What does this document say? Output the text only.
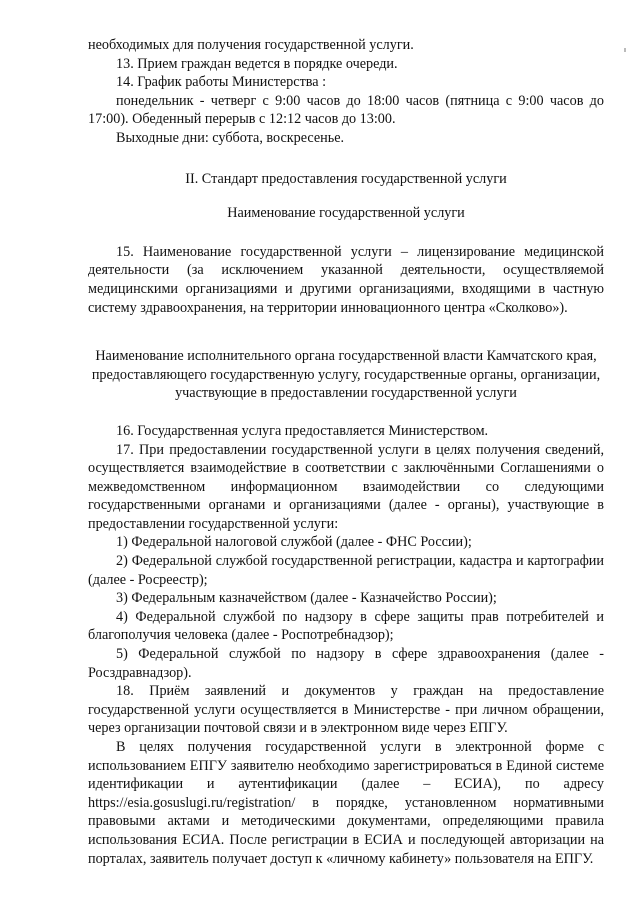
необходимых для получения государственной услуги.

13. Прием граждан ведется в порядке очереди.

14. График работы Министерства :

понедельник - четверг с 9:00 часов до 18:00 часов (пятница с 9:00 часов до 17:00). Обеденный перерыв с 12:12 часов до 13:00.

Выходные дни: суббота, воскресенье.

II. Стандарт предоставления государственной услуги

Наименование государственной услуги

15. Наименование государственной услуги – лицензирование медицинской деятельности (за исключением указанной деятельности, осуществляемой медицинскими организациями и другими организациями, входящими в частную систему здравоохранения, на территории инновационного центра «Сколково»).

Наименование исполнительного органа государственной власти Камчатского края, предоставляющего государственную услугу, государственные органы, организации, участвующие в предоставлении государственной услуги

16. Государственная услуга предоставляется Министерством.

17. При предоставлении государственной услуги в целях получения сведений, осуществляется взаимодействие в соответствии с заключёнными Соглашениями о межведомственном информационном взаимодействии со следующими государственными органами и организациями (далее - органы), участвующие в предоставлении государственной услуги:

1) Федеральной налоговой службой (далее - ФНС России);

2) Федеральной службой государственной регистрации, кадастра и картографии (далее - Росреестр);

3) Федеральным казначейством (далее - Казначейство России);

4) Федеральной службой по надзору в сфере защиты прав потребителей и благополучия человека (далее - Роспотребнадзор);

5) Федеральной службой по надзору в сфере здравоохранения (далее - Росздравнадзор).

18. Приём заявлений и документов у граждан на предоставление государственной услуги осуществляется в Министерстве - при личном обращении, через организации почтовой связи и в электронном виде через ЕПГУ.

В целях получения государственной услуги в электронной форме с использованием ЕПГУ заявителю необходимо зарегистрироваться в Единой системе идентификации и аутентификации (далее – ЕСИА), по адресу https://esia.gosuslugi.ru/registration/ в порядке, установленном нормативными правовыми актами и методическими документами, определяющими правила использования ЕСИА. После регистрации в ЕСИА и последующей авторизации на порталах, заявитель получает доступ к «личному кабинету» пользователя на ЕПГУ.
